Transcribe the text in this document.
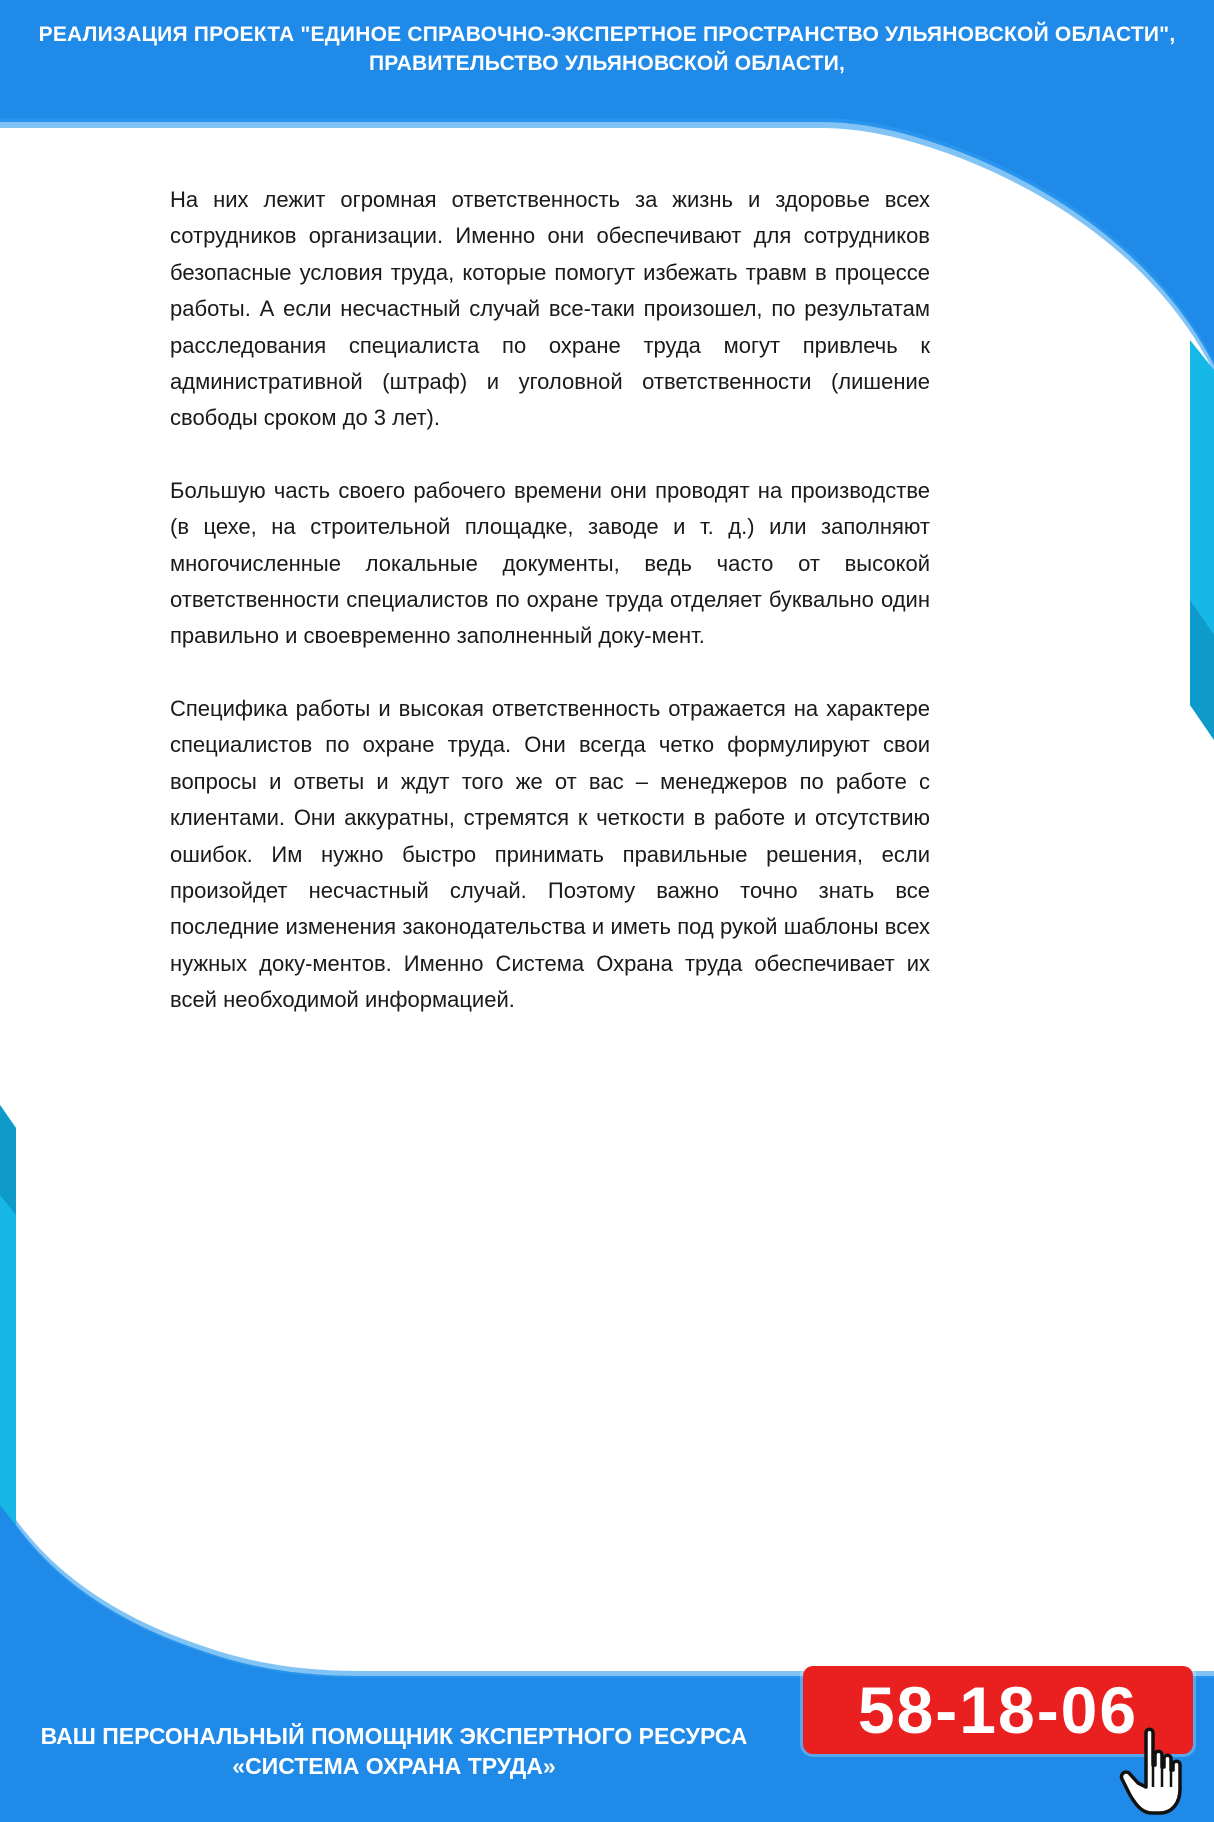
РЕАЛИЗАЦИЯ ПРОЕКТА "ЕДИНОЕ СПРАВОЧНО-ЭКСПЕРТНОЕ ПРОСТРАНСТВО УЛЬЯНОВСКОЙ ОБЛАСТИ",
ПРАВИТЕЛЬСТВО УЛЬЯНОВСКОЙ ОБЛАСТИ,

На них лежит огромная ответственность за жизнь и здоровье всех сотрудников организации. Именно они обеспечивают для сотрудников безопасные условия труда, которые помогут избежать травм в процессе работы. А если несчастный случай все-таки произошел, по результатам расследования специалиста по охране труда могут привлечь к административной (штраф) и уголовной ответственности (лишение свободы сроком до 3 лет).

Большую часть своего рабочего времени они проводят на производстве (в цехе, на строительной площадке, заводе и т. д.) или заполняют многочисленные локальные документы, ведь часто от высокой ответственности специалистов по охране труда отделяет буквально один правильно и своевременно заполненный доку-мент.

Специфика работы и высокая ответственность отражается на характере специалистов по охране труда. Они всегда четко формулируют свои вопросы и ответы и ждут того же от вас – менеджеров по работе с клиентами. Они аккуратны, стремятся к четкости в работе и отсутствию ошибок. Им нужно быстро принимать правильные решения, если произойдет несчастный случай. Поэтому важно точно знать все последние изменения законодательства и иметь под рукой шаблоны всех нужных доку-ментов. Именно Система Охрана труда обеспечивает их всей необходимой информацией.

ВАШ ПЕРСОНАЛЬНЫЙ ПОМОЩНИК ЭКСПЕРТНОГО РЕСУРСА
«СИСТЕМА ОХРАНА ТРУДА»
58-18-06
